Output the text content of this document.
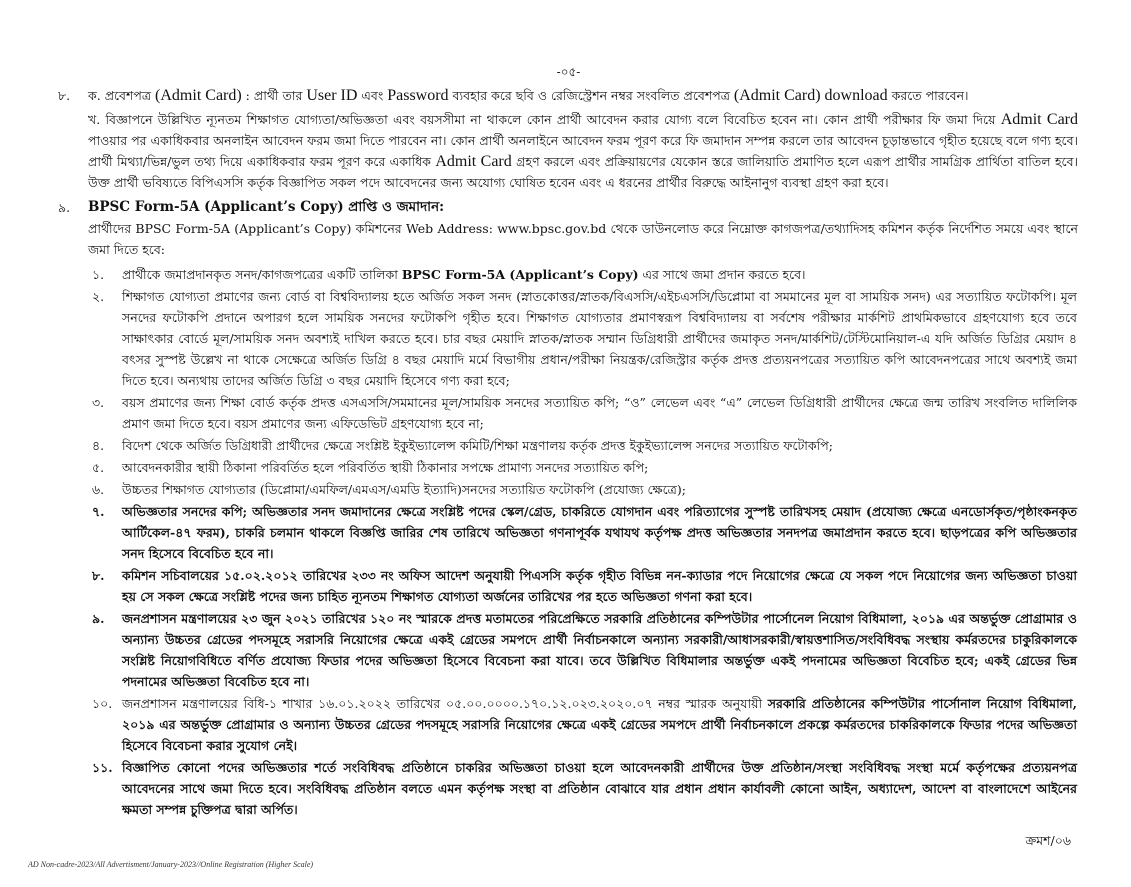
-০৫-
৮. ক. প্রবেশপত্র (Admit Card) : প্রার্থী তার User ID এবং Password ব্যবহার করে ছবি ও রেজিস্ট্রেশন নম্বর সংবলিত প্রবেশপত্র (Admit Card) download করতে পারবেন।
খ. বিজ্ঞাপনে উল্লিখিত ন্যূনতম শিক্ষাগত যোগ্যতা/অভিজ্ঞতা এবং বয়সসীমা না থাকলে কোন প্রার্থী আবেদন করার যোগ্য বলে বিবেচিত হবেন না। কোন প্রার্থী পরীক্ষার ফি জমা দিয়ে Admit Card পাওয়ার পর একাধিকবার অনলাইন আবেদন ফরম জমা দিতে পারবেন না। কোন প্রার্থী অনলাইনে আবেদন ফরম পূরণ করে ফি জমাদান সম্পন্ন করলে তার আবেদন চূড়ান্তভাবে গৃহীত হয়েছে বলে গণ্য হবে। প্রার্থী মিথ্যা/ভিন্ন/ভুল তথ্য দিয়ে একাধিকবার ফরম পূরণ করে একাধিক Admit Card গ্রহণ করলে এবং প্রক্রিয়ায়ণের যেকোন স্তরে জালিয়াতি প্রমাণিত হলে এরূপ প্রার্থীর সামগ্রিক প্রার্থিতা বাতিল হবে। উক্ত প্রার্থী ভবিষ্যতে বিপিএসসি কর্তৃক বিজ্ঞাপিত সকল পদে আবেদনের জন্য অযোগ্য ঘোষিত হবেন এবং এ ধরনের প্রার্থীর বিরুদ্ধে আইনানুগ ব্যবস্থা গ্রহণ করা হবে।
৯. BPSC Form-5A (Applicant’s Copy) প্রাপ্তি ও জমাদান:
প্রার্থীদের BPSC Form-5A (Applicant’s Copy) কমিশনের Web Address: www.bpsc.gov.bd থেকে ডাউনলোড করে নিম্নোক্ত কাগজপত্র/তথ্যাদিসহ কমিশন কর্তৃক নির্দেশিত সময়ে এবং স্থানে জমা দিতে হবে:
১. প্রার্থীকে জমাপ্রদানকৃত সনদ/কাগজপত্রের একটি তালিকা BPSC Form-5A (Applicant’s Copy) এর সাথে জমা প্রদান করতে হবে।
২. শিক্ষাগত যোগ্যতা প্রমাণের জন্য বোর্ড বা বিশ্ববিদ্যালয় হতে অর্জিত সকল সনদ (স্নাতকোত্তর/স্নাতক/বিএসসি/এইচএসসি/ডিপ্লোমা বা সমমানের মূল বা সাময়িক সনদ) এর সত্যায়িত ফটোকপি। মূল সনদের ফটোকপি প্রদানে অপারগ হলে সাময়িক সনদের ফটোকপি গৃহীত হবে। শিক্ষাগত যোগ্যতার প্রমাণস্বরূপ বিশ্ববিদ্যালয় বা সর্বশেষ পরীক্ষার মার্কশিট প্রাথমিকভাবে গ্রহণযোগ্য হবে তবে সাক্ষাৎকার বোর্ডে মূল/সাময়িক সনদ অবশ্যই দাখিল করতে হবে। চার বছর মেয়াদি স্নাতক/স্নাতক সম্মান ডিগ্রিধারী প্রার্থীদের জমাকৃত সনদ/মার্কশিট/টেস্টিমোনিয়াল-এ যদি অর্জিত ডিগ্রির মেয়াদ ৪ বৎসর সুস্পষ্ট উল্লেখ না থাকে সেক্ষেত্রে অর্জিত ডিগ্রি ৪ বছর মেয়াদি মর্মে বিভাগীয় প্রধান/পরীক্ষা নিয়ন্ত্রক/রেজিস্ট্রার কর্তৃক প্রদত্ত প্রত্যয়নপত্রের সত্যায়িত কপি আবেদনপত্রের সাথে অবশ্যই জমা দিতে হবে। অন্যথায় তাদের অর্জিত ডিগ্রি ৩ বছর মেয়াদি হিসেবে গণ্য করা হবে;
৩. বয়স প্রমাণের জন্য শিক্ষা বোর্ড কর্তৃক প্রদত্ত এসএসসি/সমমানের মূল/সাময়িক সনদের সত্যায়িত কপি; “ও” লেভেল এবং “এ” লেভেল ডিগ্রিধারী প্রার্থীদের ক্ষেত্রে জন্ম তারিখ সংবলিত দালিলিক প্রমাণ জমা দিতে হবে। বয়স প্রমাণের জন্য এফিডেভিট গ্রহণযোগ্য হবে না;
৪. বিদেশ থেকে অর্জিত ডিগ্রিধারী প্রার্থীদের ক্ষেত্রে সংশ্লিষ্ট ইকুইভ্যালেন্স কমিটি/শিক্ষা মন্ত্রণালয় কর্তৃক প্রদত্ত ইকুইভ্যালেন্স সনদের সত্যায়িত ফটোকপি;
৫. আবেদনকারীর স্থায়ী ঠিকানা পরিবর্তিত হলে পরিবর্তিত স্থায়ী ঠিকানার সপক্ষে প্রামাণ্য সনদের সত্যায়িত কপি;
৬. উচ্চতর শিক্ষাগত যোগ্যতার (ডিপ্লোমা/এমফিল/এমএস/এমডি ইত্যাদি)সনদের সত্যায়িত ফটোকপি (প্রযোজ্য ক্ষেত্রে);
৭. অভিজ্ঞতার সনদের কপি; অভিজ্ঞতার সনদ জমাদানের ক্ষেত্রে সংশ্লিষ্ট পদের স্কেল/গ্রেড, চাকরিতে যোগদান এবং পরিত্যাগের সুস্পষ্ট তারিখসহ মেয়াদ (প্রযোজ্য ক্ষেত্রে এনডোর্সকৃত/পৃষ্ঠাংকনকৃত আর্টিকেল-৪৭ ফরম), চাকরি চলমান থাকলে বিজ্ঞপ্তি জারির শেষ তারিখে অভিজ্ঞতা গণনাপূর্বক যথাযথ কর্তৃপক্ষ প্রদত্ত অভিজ্ঞতার সনদপত্র জমাপ্রদান করতে হবে। ছাড়পত্রের কপি অভিজ্ঞতার সনদ হিসেবে বিবেচিত হবে না।
৮. কমিশন সচিবালয়ের ১৫.০২.২০১২ তারিখের ২৩৩ নং অফিস আদেশ অনুযায়ী পিএসসি কর্তৃক গৃহীত বিভিন্ন নন-ক্যাডার পদে নিয়োগের ক্ষেত্রে যে সকল পদে নিয়োগের জন্য অভিজ্ঞতা চাওয়া হয় সে সকল ক্ষেত্রে সংশ্লিষ্ট পদের জন্য চাহিত ন্যূনতম শিক্ষাগত যোগ্যতা অর্জনের তারিখের পর হতে অভিজ্ঞতা গণনা করা হবে।
৯. জনপ্রশাসন মন্ত্রণালয়ের ২৩ জুন ২০২১ তারিখের ১২০ নং স্মারকে প্রদত্ত মতামতের পরিপ্রেক্ষিতে সরকারি প্রতিষ্ঠানের কম্পিউটার পার্সোনেল নিয়োগ বিধিমালা, ২০১৯ এর অন্তর্ভুক্ত প্রোগ্রামার ও অন্যান্য উচ্চতর গ্রেডের পদসমূহে সরাসরি নিয়োগের ক্ষেত্রে একই গ্রেডের সমপদে প্রার্থী নির্বাচনকালে অন্যান্য সরকারী/আধাসরকারী/স্বায়ত্তশাসিত/সংবিধিবদ্ধ সংস্থায় কর্মরতদের চাকুরিকালকে সংশ্লিষ্ট নিয়োগবিধিতে বর্ণিত প্রযোজ্য ফিডার পদের অভিজ্ঞতা হিসেবে বিবেচনা করা যাবে। তবে উল্লিখিত বিধিমালার অন্তর্ভুক্ত একই পদনামের অভিজ্ঞতা বিবেচিত হবে; একই গ্রেডের ভিন্ন পদনামের অভিজ্ঞতা বিবেচিত হবে না।
১০. জনপ্রশাসন মন্ত্রণালয়ের বিধি-১ শাখার ১৬.০১.২০২২ তারিখের ০৫.০০.০০০০.১৭০.১২.০২৩.২০২০.০৭ নম্বর স্মারক অনুযায়ী সরকারি প্রতিষ্ঠানের কম্পিউটার পার্সোনাল নিয়োগ বিধিমালা, ২০১৯ এর অন্তর্ভুক্ত প্রোগ্রামার ও অন্যান্য উচ্চতর গ্রেডের পদসমূহে সরাসরি নিয়োগের ক্ষেত্রে একই গ্রেডের সমপদে প্রার্থী নির্বাচনকালে প্রকল্পে কর্মরতদের চাকরিকালকে ফিডার পদের অভিজ্ঞতা হিসেবে বিবেচনা করার সুযোগ নেই।
১১. বিজ্ঞাপিত কোনো পদের অভিজ্ঞতার শর্তে সংবিধিবদ্ধ প্রতিষ্ঠানে চাকরির অভিজ্ঞতা চাওয়া হলে আবেদনকারী প্রার্থীদের উক্ত প্রতিষ্ঠান/সংস্থা সংবিধিবদ্ধ সংস্থা মর্মে কর্তৃপক্ষের প্রত্যয়নপত্র আবেদনের সাথে জমা দিতে হবে। সংবিধিবদ্ধ প্রতিষ্ঠান বলতে এমন কর্তৃপক্ষ সংস্থা বা প্রতিষ্ঠান বোঝাবে যার প্রধান প্রধান কার্যাবলী কোনো আইন, অধ্যাদেশ, আদেশ বা বাংলাদেশে আইনের ক্ষমতা সম্পন্ন চুক্তিপত্র দ্বারা অর্পিত।
ক্রমশ/০৬
AD Non-cadre-2023/All Advertisment/January-2023//Online Registration (Higher Scale)
